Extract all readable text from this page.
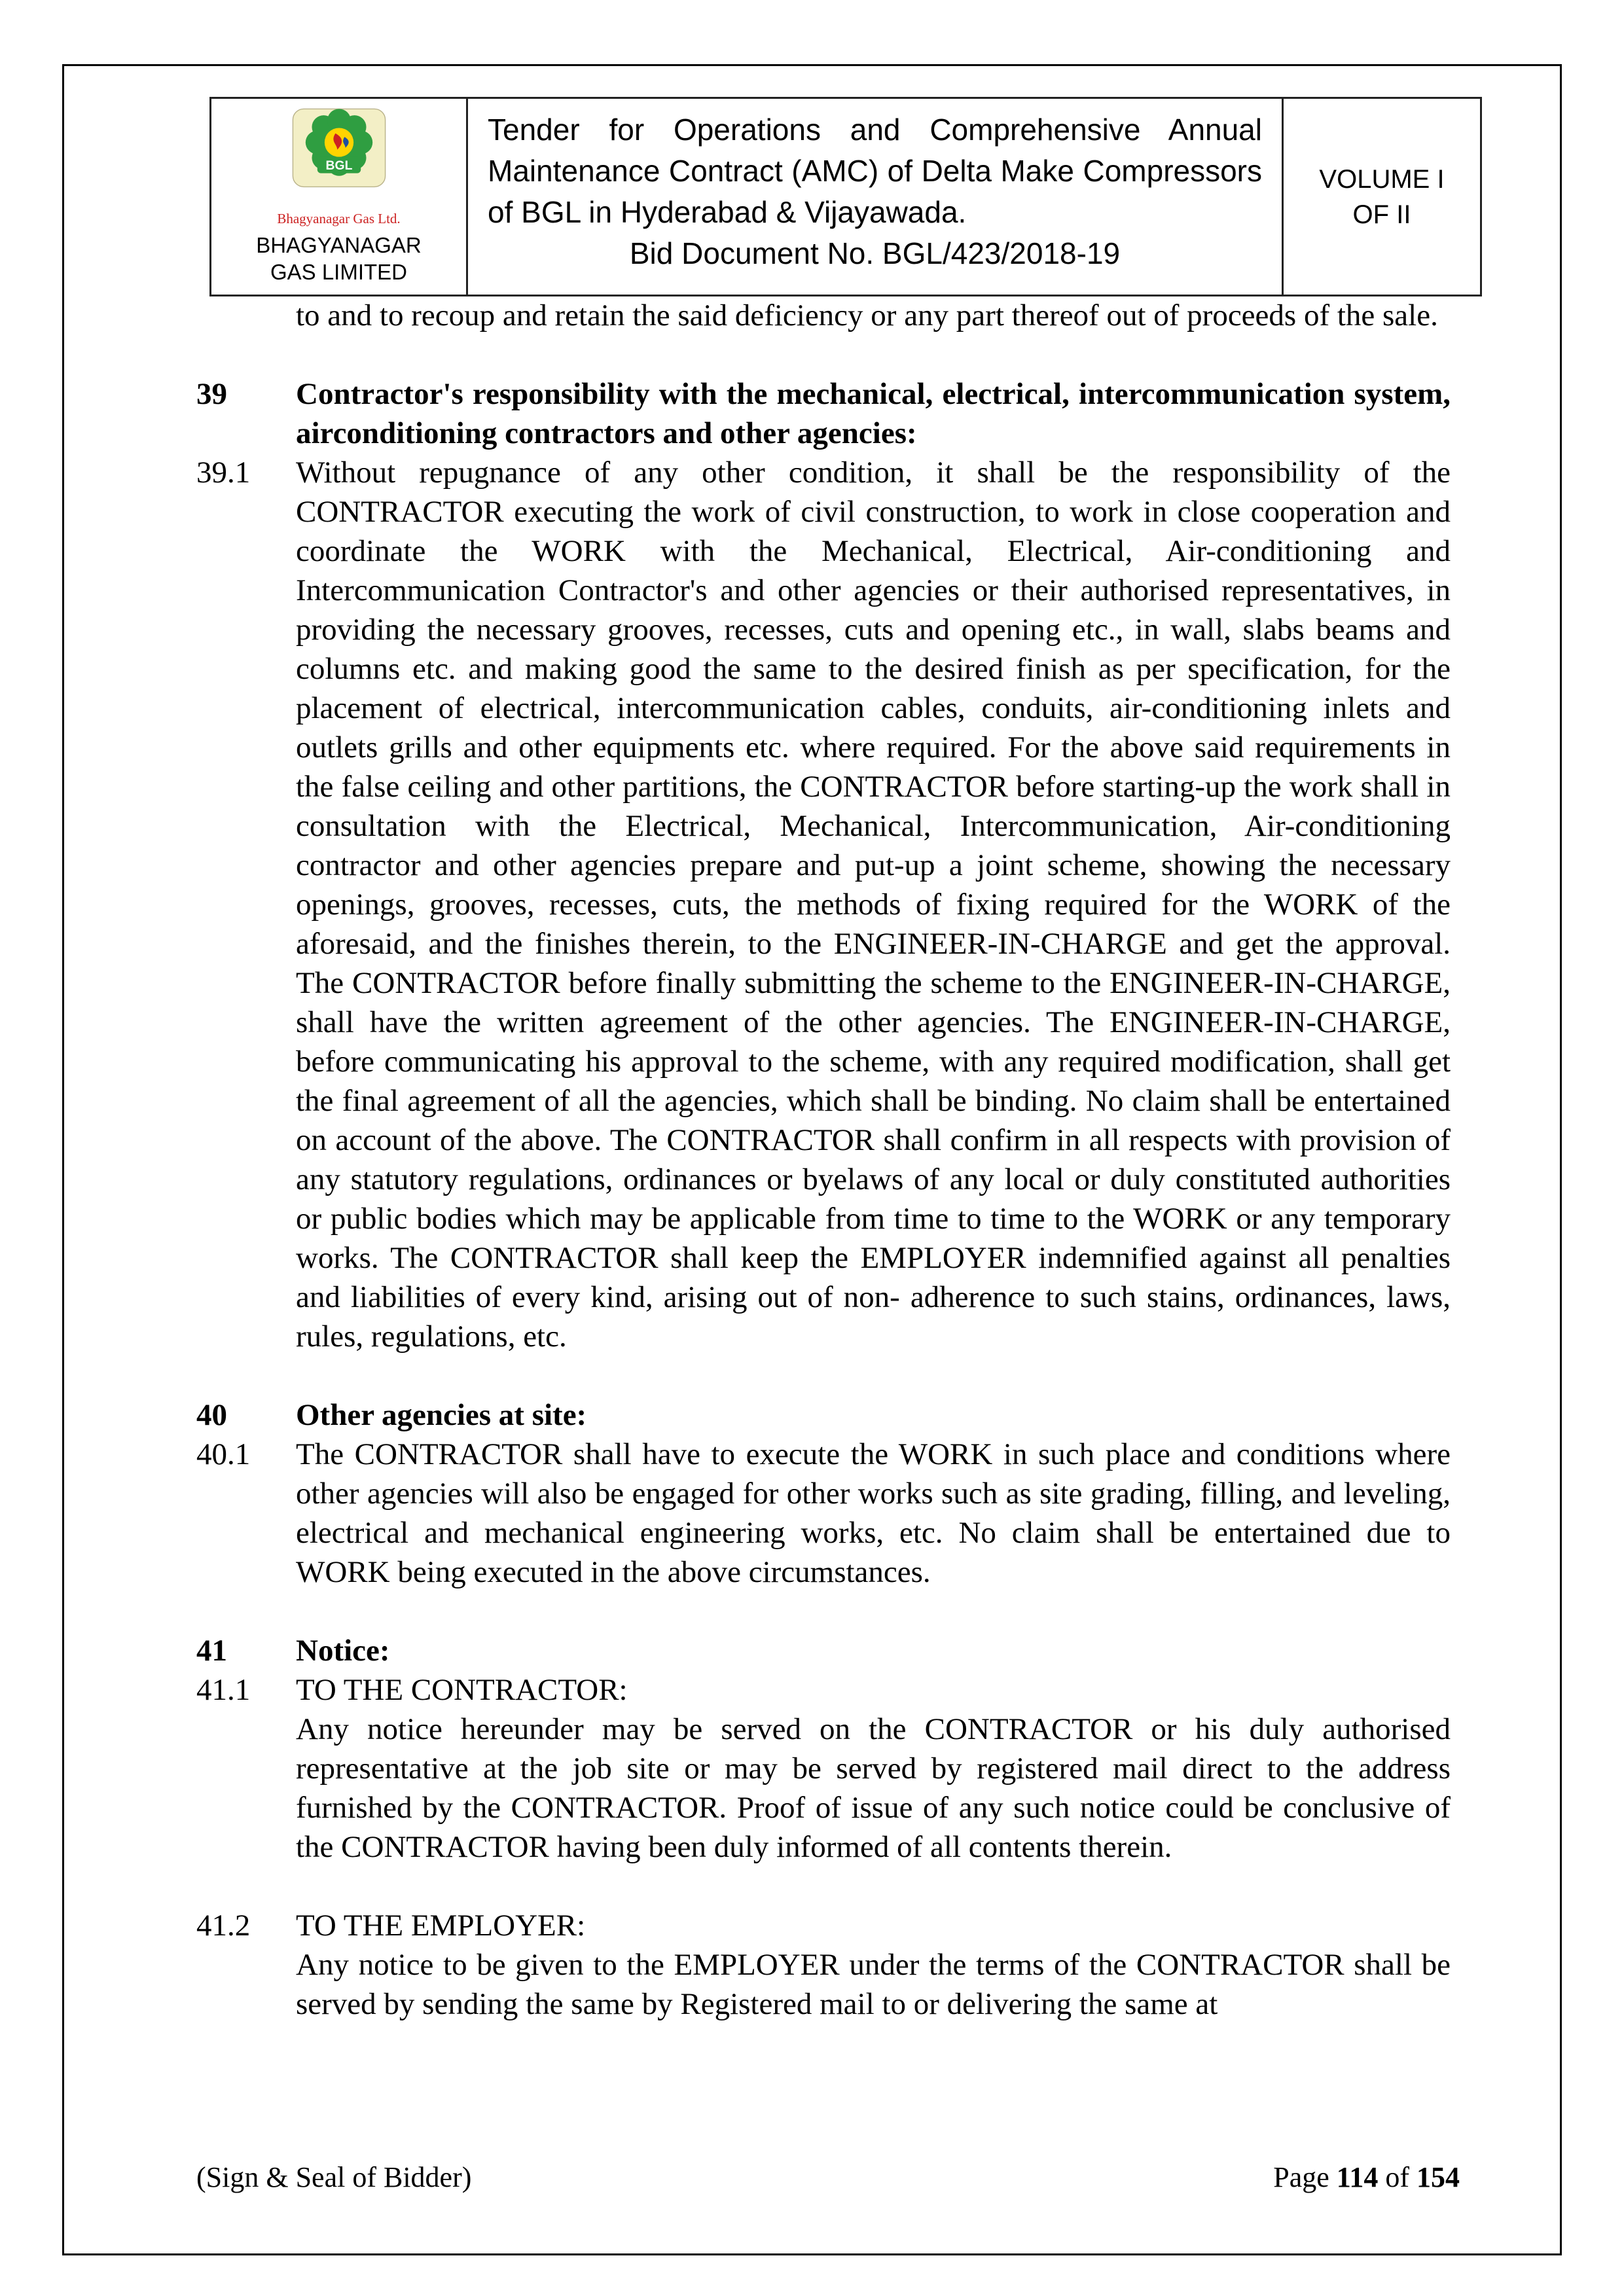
BGL
Bhagyanagar Gas Ltd.
BHAGYANAGAR GAS LIMITED
Tender for Operations and Comprehensive Annual Maintenance Contract (AMC) of Delta Make Compressors of BGL in Hyderabad & Vijayawada.
Bid Document No. BGL/423/2018-19
VOLUME I
OF II
to and to recoup and retain the said deficiency or any part thereof out of proceeds of the sale.
39	Contractor's responsibility with the mechanical, electrical, intercommunication system, airconditioning contractors and other agencies:
39.1	Without repugnance of any other condition, it shall be the responsibility of the CONTRACTOR executing the work of civil construction, to work in close cooperation and coordinate the WORK with the Mechanical, Electrical, Air-conditioning and Intercommunication Contractor's and other agencies or their authorised representatives, in providing the necessary grooves, recesses, cuts and opening etc., in wall, slabs beams and columns etc. and making good the same to the desired finish as per specification, for the placement of electrical, intercommunication cables, conduits, air-conditioning inlets and outlets grills and other equipments etc. where required. For the above said requirements in the false ceiling and other partitions, the CONTRACTOR before starting-up the work shall in consultation with the Electrical, Mechanical, Intercommunication, Air-conditioning contractor and other agencies prepare and put-up a joint scheme, showing the necessary openings, grooves, recesses, cuts, the methods of fixing required for the WORK of the aforesaid, and the finishes therein, to the ENGINEER-IN-CHARGE and get the approval. The CONTRACTOR before finally submitting the scheme to the ENGINEER-IN-CHARGE, shall have the written agreement of the other agencies. The ENGINEER-IN-CHARGE, before communicating his approval to the scheme, with any required modification, shall get the final agreement of all the agencies, which shall be binding. No claim shall be entertained on account of the above. The CONTRACTOR shall confirm in all respects with provision of any statutory regulations, ordinances or byelaws of any local or duly constituted authorities or public bodies which may be applicable from time to time to the WORK or any temporary works. The CONTRACTOR shall keep the EMPLOYER indemnified against all penalties and liabilities of every kind, arising out of non- adherence to such stains, ordinances, laws, rules, regulations, etc.
40	Other agencies at site:
40.1	The CONTRACTOR shall have to execute the WORK in such place and conditions where other agencies will also be engaged for other works such as site grading, filling, and leveling, electrical and mechanical engineering works, etc. No claim shall be entertained due to WORK being executed in the above circumstances.
41	Notice:
41.1	TO THE CONTRACTOR:
Any notice hereunder may be served on the CONTRACTOR or his duly authorised representative at the job site or may be served by registered mail direct to the address furnished by the CONTRACTOR. Proof of issue of any such notice could be conclusive of the CONTRACTOR having been duly informed of all contents therein.
41.2	TO THE EMPLOYER:
Any notice to be given to the EMPLOYER under the terms of the CONTRACTOR shall be served by sending the same by Registered mail to or delivering the same at
(Sign & Seal of Bidder)	Page 114 of 154
